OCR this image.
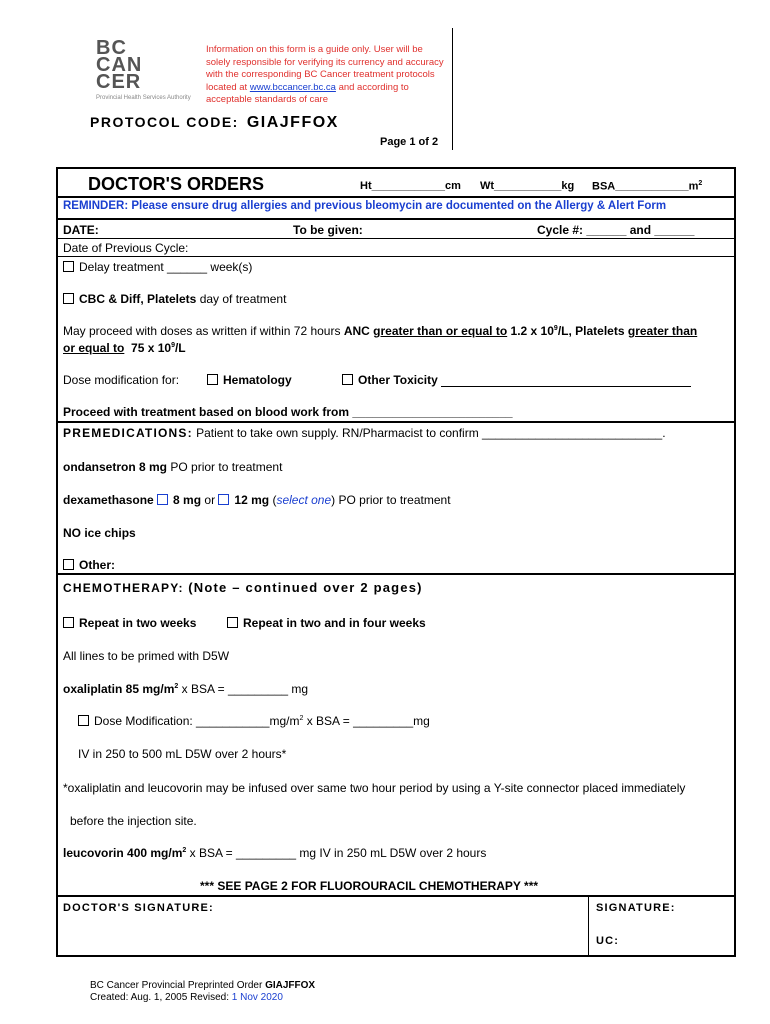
BC
CAN
CER
Provincial Health Services Authority
Information on this form is a guide only. User will be solely responsible for verifying its currency and accuracy with the corresponding BC Cancer treatment protocols located at www.bccancer.bc.ca and according to acceptable standards of care
PROTOCOL CODE: GIAJFFOX
Page 1 of 2
DOCTOR'S ORDERS	Ht____________cm Wt___________kg $BSA\_\_\_\_\_\_\_\_\_\_\_\_m^2$
REMINDER: Please ensure drug allergies and previous bleomycin are documented on the Allergy & Alert Form
DATE:	To be given:	Cycle #: ______ and ______
Date of Previous Cycle:
Delay treatment ______ week(s)
CBC & Diff, Platelets day of treatment
May proceed with doses as written if within 72 hours ANC greater than or equal to 1.2 x $10^9/L$, Platelets greater than
or equal to 75 x $10^9/L$
Dose modification for:	Hematology	Other Toxicity
Proceed with treatment based on blood work from ________________________
PREMEDICATIONS: Patient to take own supply. RN/Pharmacist to confirm ___________________________.
ondansetron 8 mg PO prior to treatment
dexamethasone 8 mg or 12 mg (select one) PO prior to treatment
NO ice chips
Other:
CHEMOTHERAPY: (Note – continued over 2 pages)
Repeat in two weeks	Repeat in two and in four weeks
All lines to be primed with D5W
oxaliplatin 85 $mg/m^2$ x BSA = _________ mg
Dose Modification: $\_\_\_\_\_\_\_\_\_\_\_mg/m^2$ x BSA = _________mg
IV in 250 to 500 mL D5W over 2 hours*
*oxaliplatin and leucovorin may be infused over same two hour period by using a Y-site connector placed immediately
before the injection site.
leucovorin 400 $mg/m^2$ x BSA = _________ mg IV in 250 mL D5W over 2 hours
*** SEE PAGE 2 FOR FLUOROURACIL CHEMOTHERAPY ***
DOCTOR'S SIGNATURE:	SIGNATURE:
UC:
BC Cancer Provincial Preprinted Order GIAJFFOX
Created: Aug. 1, 2005 Revised: 1 Nov 2020
